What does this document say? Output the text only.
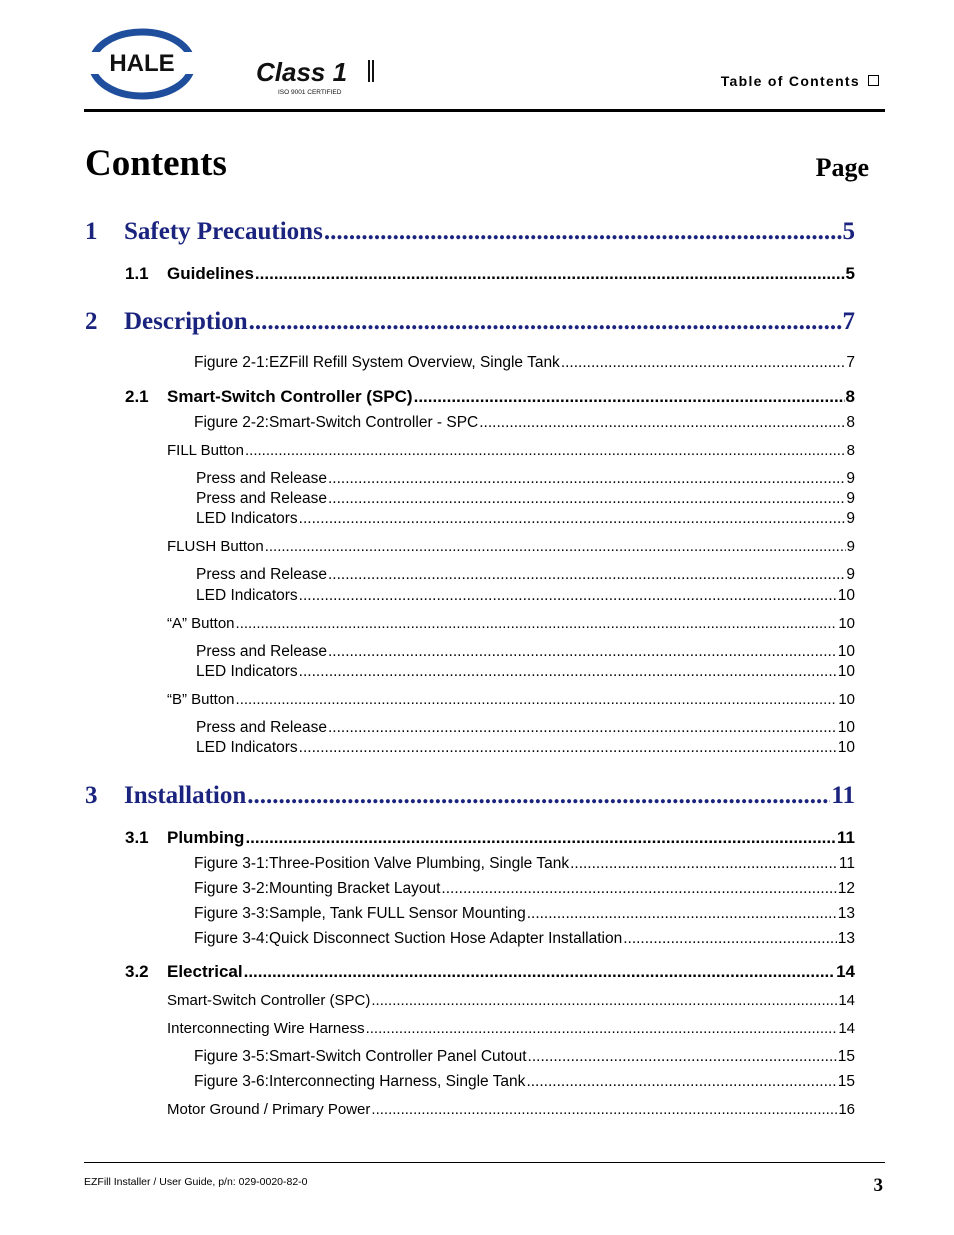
HALE	Class 1
ISO 9001 CERTIFIED
Table of Contents
Contents	Page
1 Safety Precautions .....	5
1.1 Guidelines .....	5
2 Description .....	7
Figure 2-1:EZFill Refill System Overview, Single Tank .....	7
2.1 Smart-Switch Controller (SPC) .....	8
Figure 2-2:Smart-Switch Controller - SPC .....	8
FILL Button .....	8
Press and Release .....	9
Press and Release .....	9
LED Indicators .....	9
FLUSH Button .....	9
Press and Release .....	9
LED Indicators .....	10
“A” Button .....	10
Press and Release .....	10
LED Indicators .....	10
“B” Button .....	10
Press and Release .....	10
LED Indicators .....	10
3 Installation .....	11
3.1 Plumbing .....	11
Figure 3-1:Three-Position Valve Plumbing, Single Tank .....	11
Figure 3-2:Mounting Bracket Layout .....	12
Figure 3-3:Sample, Tank FULL Sensor Mounting .....	13
Figure 3-4:Quick Disconnect Suction Hose Adapter Installation .....	13
3.2 Electrical .....	14
Smart-Switch Controller (SPC) .....	14
Interconnecting Wire Harness .....	14
Figure 3-5:Smart-Switch Controller Panel Cutout .....	15
Figure 3-6:Interconnecting Harness, Single Tank .....	15
Motor Ground / Primary Power .....	16
EZFill Installer / User Guide, p/n: 029-0020-82-0	3
